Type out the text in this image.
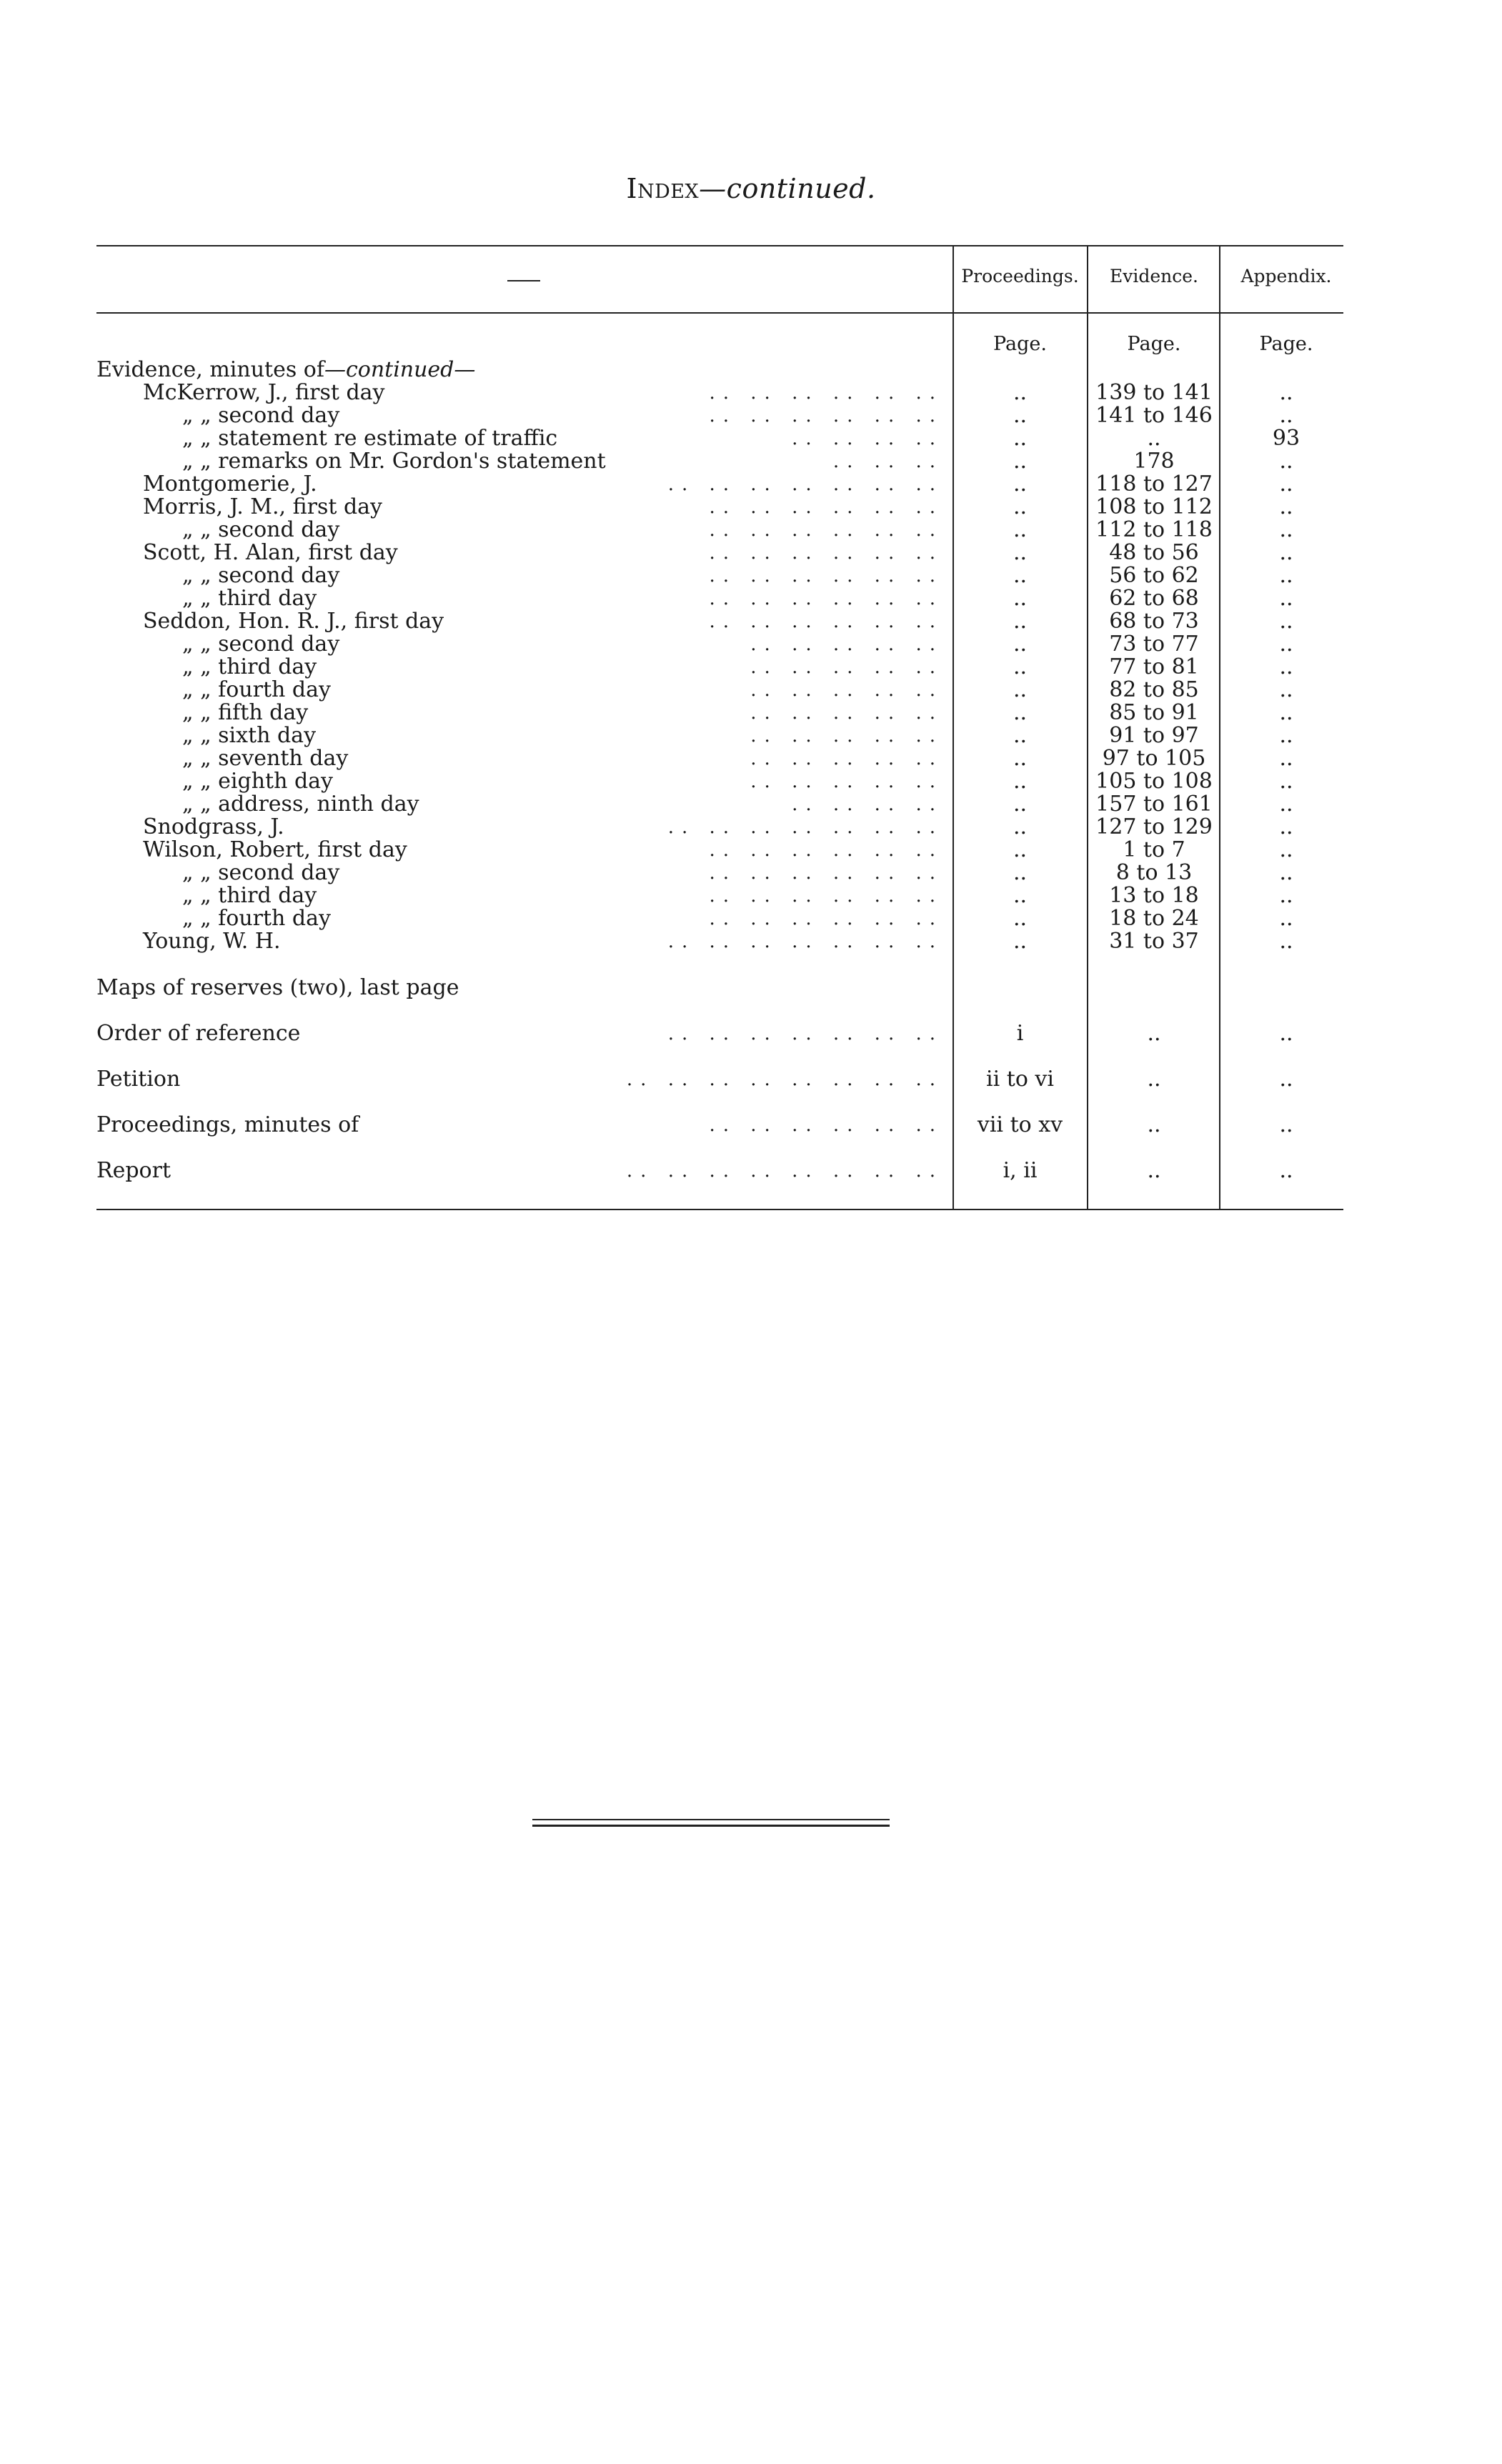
Index—continued.
Proceedings.	Evidence.	Appendix.
Page.	Page.	Page.
Evidence, minutes of—continued—
McKerrow, J., first day	.. .. .. .. .. ..	..	139 to 141	..
„ „ second day	.. .. .. .. .. ..	..	141 to 146	..
„ „ statement re estimate of traffic	.. .. .. ..	..	..	93
„ „ remarks on Mr. Gordon's statement	.. .. ..	..	178	..
Montgomerie, J.	.. .. .. .. .. .. ..	..	118 to 127	..
Morris, J. M., first day	.. .. .. .. .. ..	..	108 to 112	..
„ „ second day	.. .. .. .. .. ..	..	112 to 118	..
Scott, H. Alan, first day	.. .. .. .. .. ..	..	48 to 56	..
„ „ second day	.. .. .. .. .. ..	..	56 to 62	..
„ „ third day	.. .. .. .. .. ..	..	62 to 68	..
Seddon, Hon. R. J., first day	.. .. .. .. .. ..	..	68 to 73	..
„ „ second day	.. .. .. .. ..	..	73 to 77	..
„ „ third day	.. .. .. .. ..	..	77 to 81	..
„ „ fourth day	.. .. .. .. ..	..	82 to 85	..
„ „ fifth day	.. .. .. .. ..	..	85 to 91	..
„ „ sixth day	.. .. .. .. ..	..	91 to 97	..
„ „ seventh day	.. .. .. .. ..	..	97 to 105	..
„ „ eighth day	.. .. .. .. ..	..	105 to 108	..
„ „ address, ninth day	.. .. .. ..	..	157 to 161	..
Snodgrass, J.	.. .. .. .. .. .. ..	..	127 to 129	..
Wilson, Robert, first day	.. .. .. .. .. ..	..	1 to 7	..
„ „ second day	.. .. .. .. .. ..	..	8 to 13	..
„ „ third day	.. .. .. .. .. ..	..	13 to 18	..
„ „ fourth day	.. .. .. .. .. ..	..	18 to 24	..
Young, W. H.	.. .. .. .. .. .. ..	..	31 to 37	..
Maps of reserves (two), last page
Order of reference	.. .. .. .. .. .. ..	i	..	..
Petition	.. .. .. .. .. .. .. ..	ii to vi	..	..
Proceedings, minutes of	.. .. .. .. .. ..	vii to xv	..	..
Report	.. .. .. .. .. .. .. ..	i, ii	..	..
